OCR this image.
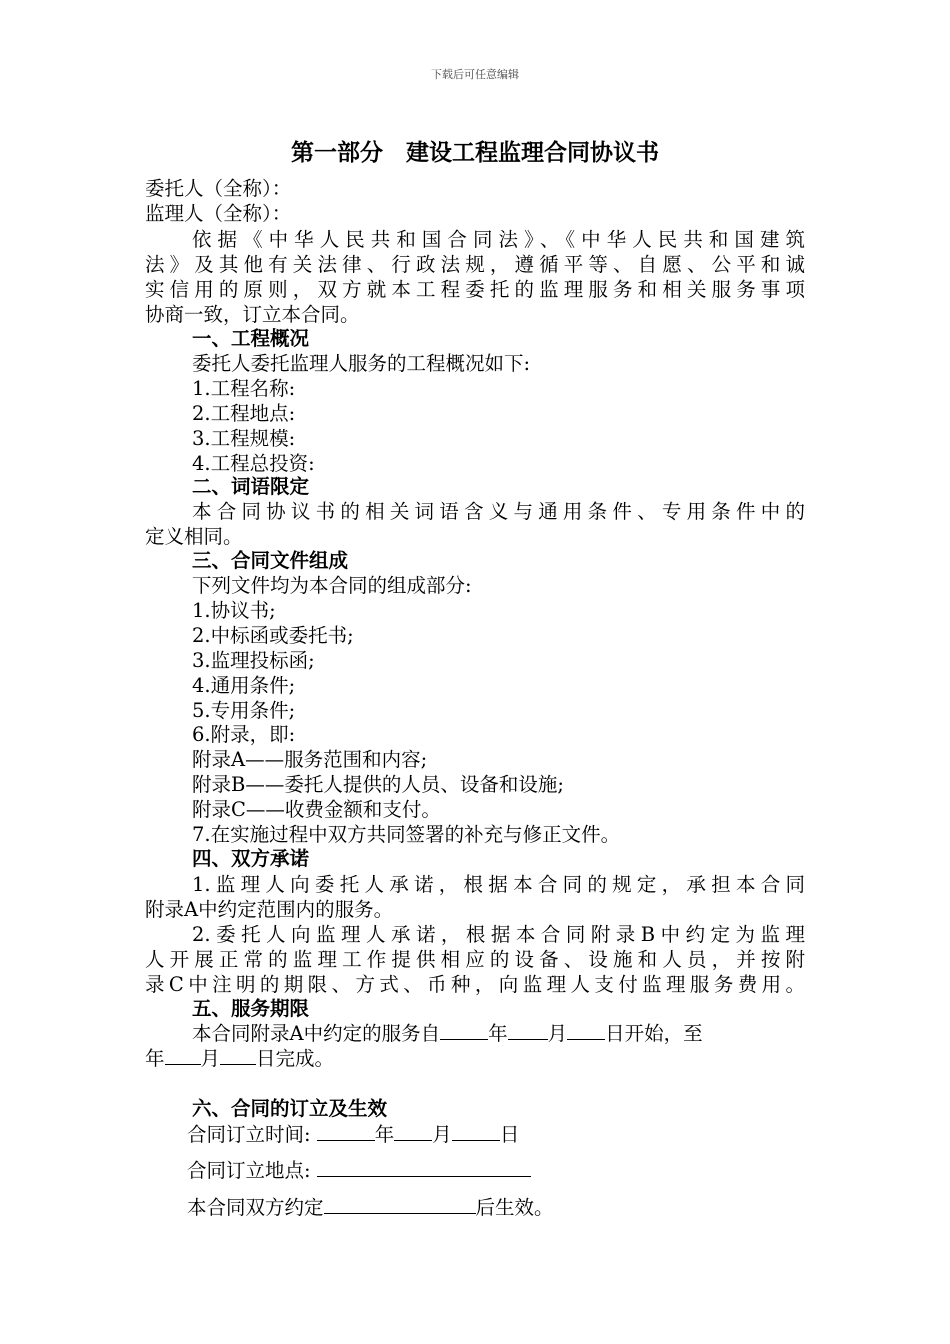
下载后可任意编辑
第一部分　建设工程监理合同协议书
委托人（全称）：
监理人（全称）：
依据《中华人民共和国合同法》、《中华人民共和国建筑
法》及其他有关法律、行政法规，遵循平等、自愿、公平和诚
实信用的原则，双方就本工程委托的监理服务和相关服务事项
协商一致，订立本合同。
一、工程概况
委托人委托监理人服务的工程概况如下:
1.工程名称:
2.工程地点:
3.工程规模:
4.工程总投资:
二、词语限定
本合同协议书的相关词语含义与通用条件、专用条件中的
定义相同。
三、合同文件组成
下列文件均为本合同的组成部分:
1.协议书;
2.中标函或委托书;
3.监理投标函;
4.通用条件;
5.专用条件;
6.附录，即:
附录A——服务范围和内容;
附录B——委托人提供的人员、设备和设施;
附录C——收费金额和支付。
7.在实施过程中双方共同签署的补充与修正文件。
四、双方承诺
1.监理人向委托人承诺，根据本合同的规定，承担本合同
附录A中约定范围内的服务。
2.委托人向监理人承诺，根据本合同附录B中约定为监理
人开展正常的监理工作提供相应的设备、设施和人员，并按附
录C中注明的期限、方式、币种，向监理人支付监理服务费用。
五、服务期限
本合同附录A中约定的服务自 年 月 日开始，至
年 月 日完成。
六、合同的订立及生效
合同订立时间:	年 月 日
合同订立地点:
本合同双方约定	后生效。
